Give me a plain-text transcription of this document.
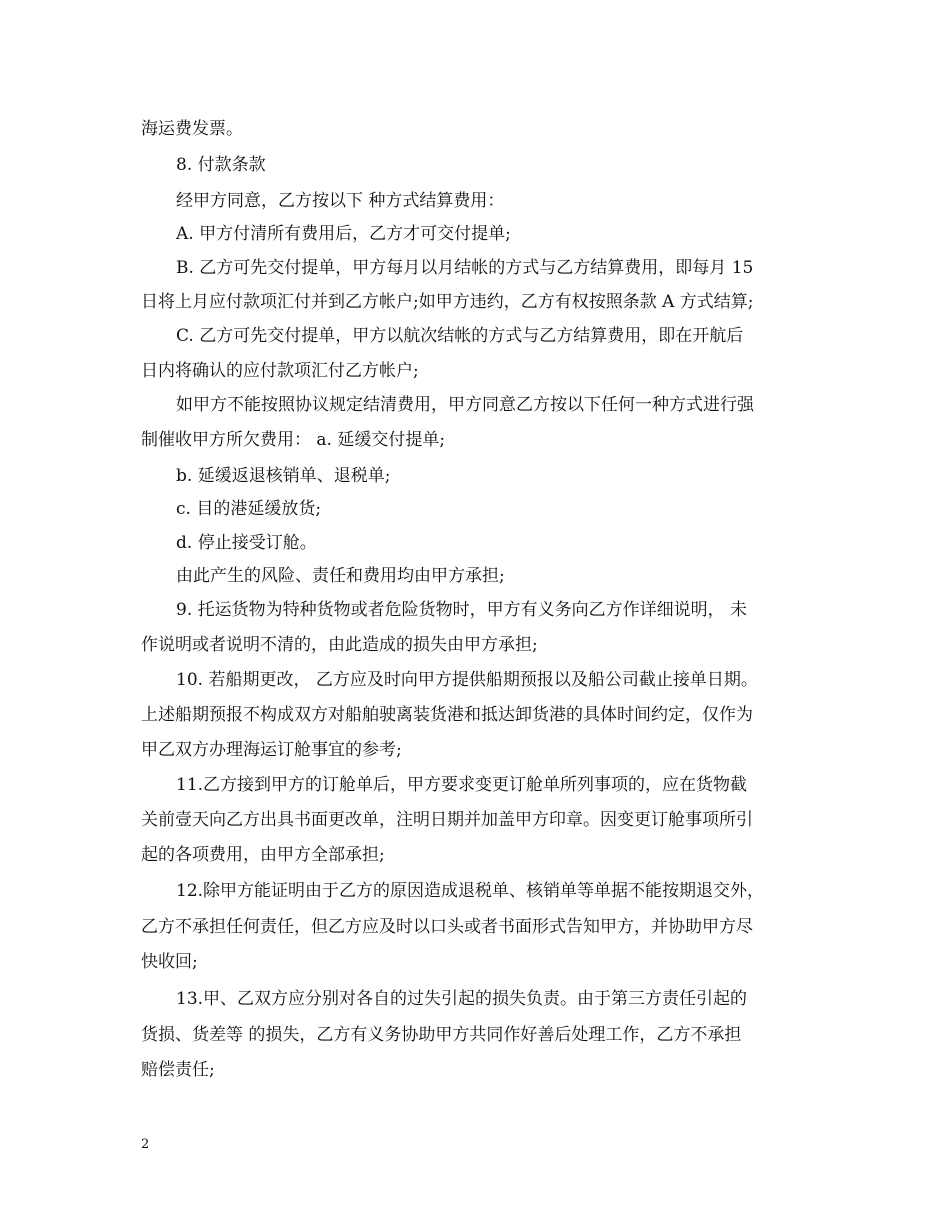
海运费发票。
8. 付款条款
经甲方同意，乙方按以下 种方式结算费用：
A. 甲方付清所有费用后，乙方才可交付提单;
B. 乙方可先交付提单，甲方每月以月结帐的方式与乙方结算费用，即每月 15
日将上月应付款项汇付并到乙方帐户;如甲方违约，乙方有权按照条款 A 方式结算;
C. 乙方可先交付提单，甲方以航次结帐的方式与乙方结算费用，即在开航后
日内将确认的应付款项汇付乙方帐户;
如甲方不能按照协议规定结清费用，甲方同意乙方按以下任何一种方式进行强
制催收甲方所欠费用： a. 延缓交付提单;
b. 延缓返退核销单、退税单;
c. 目的港延缓放货;
d. 停止接受订舱。
由此产生的风险、责任和费用均由甲方承担;
9. 托运货物为特种货物或者危险货物时，甲方有义务向乙方作详细说明， 未
作说明或者说明不清的，由此造成的损失由甲方承担;
10. 若船期更改， 乙方应及时向甲方提供船期预报以及船公司截止接单日期。
上述船期预报不构成双方对船舶驶离装货港和抵达卸货港的具体时间约定，仅作为
甲乙双方办理海运订舱事宜的参考;
11.乙方接到甲方的订舱单后，甲方要求变更订舱单所列事项的，应在货物截
关前壹天向乙方出具书面更改单，注明日期并加盖甲方印章。因变更订舱事项所引
起的各项费用，由甲方全部承担;
12.除甲方能证明由于乙方的原因造成退税单、核销单等单据不能按期退交外，
乙方不承担任何责任，但乙方应及时以口头或者书面形式告知甲方，并协助甲方尽
快收回;
13.甲、乙双方应分别对各自的过失引起的损失负责。由于第三方责任引起的
货损、货差等 的损失，乙方有义务协助甲方共同作好善后处理工作，乙方不承担
赔偿责任;
2
